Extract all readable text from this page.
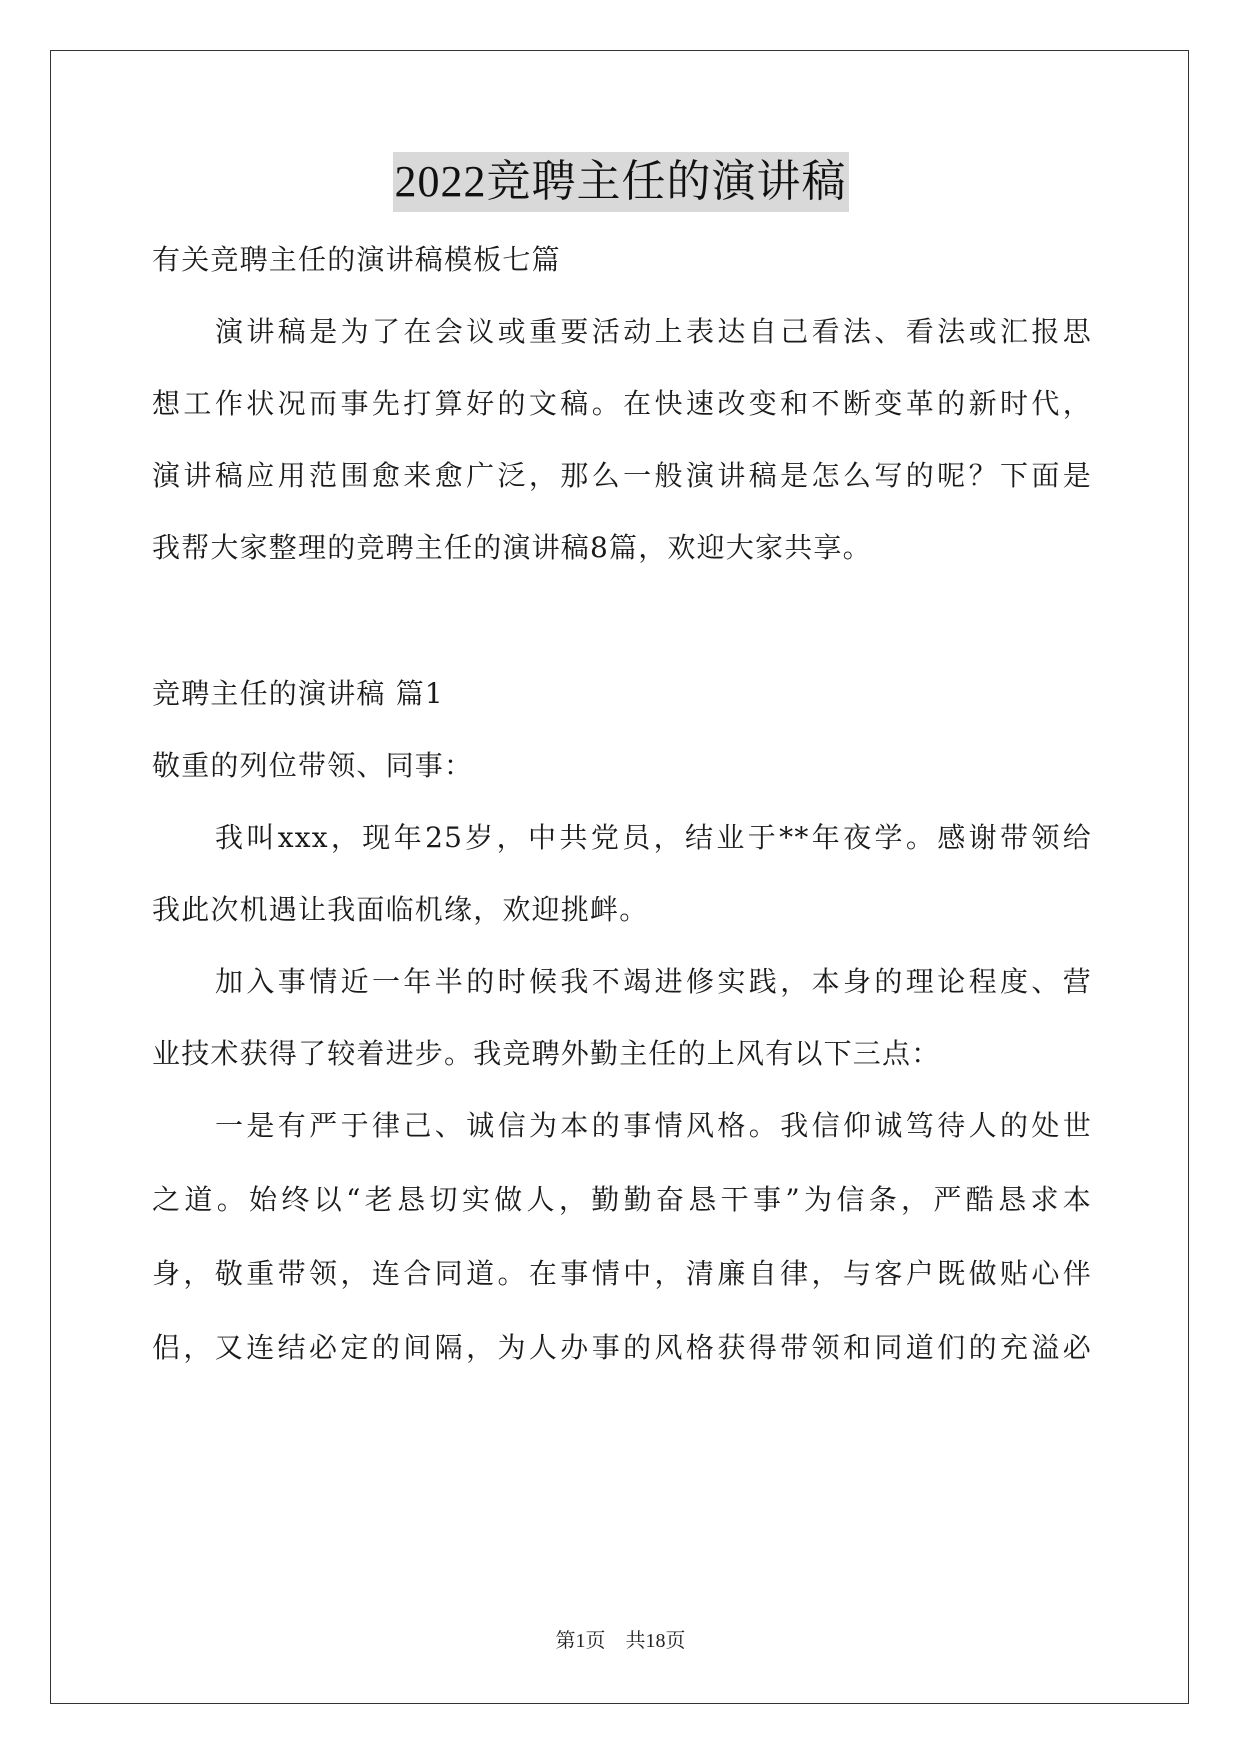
2022竞聘主任的演讲稿
有关竞聘主任的演讲稿模板七篇
演讲稿是为了在会议或重要活动上表达自己看法、看法或汇报思
想工作状况而事先打算好的文稿。在快速改变和不断变革的新时代，
演讲稿应用范围愈来愈广泛，那么一般演讲稿是怎么写的呢？下面是
我帮大家整理的竞聘主任的演讲稿8篇，欢迎大家共享。
竞聘主任的演讲稿 篇1
敬重的列位带领、同事：
我叫xxx，现年25岁，中共党员，结业于**年夜学。感谢带领给
我此次机遇让我面临机缘，欢迎挑衅。
加入事情近一年半的时候我不竭进修实践，本身的理论程度、营
业技术获得了较着进步。我竞聘外勤主任的上风有以下三点：
一是有严于律己、诚信为本的事情风格。我信仰诚笃待人的处世
之道。始终以“老恳切实做人，勤勤奋恳干事”为信条，严酷恳求本
身，敬重带领，连合同道。在事情中，清廉自律，与客户既做贴心伴
侣，又连结必定的间隔，为人办事的风格获得带领和同道们的充溢必
第1页　共18页
